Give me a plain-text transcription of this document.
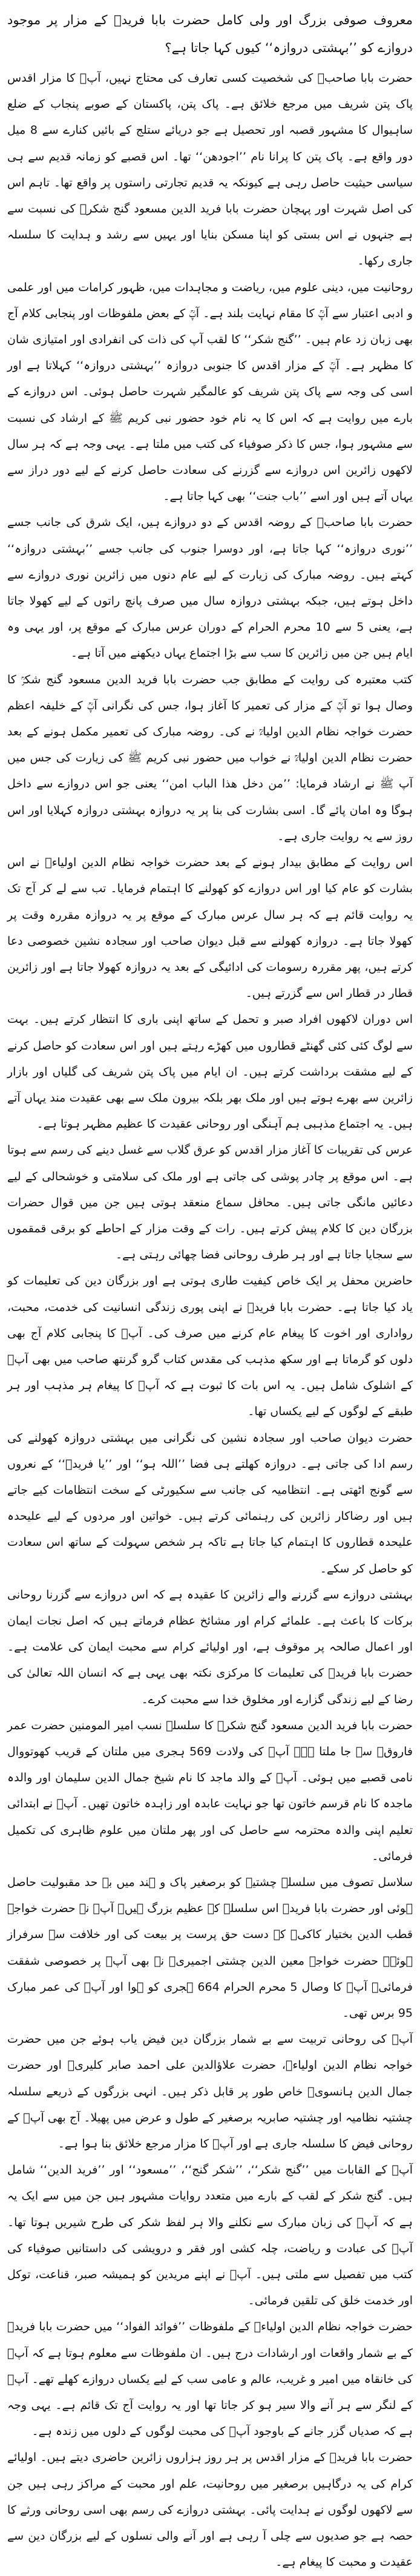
معروف صوفی بزرگ اور ولی کامل حضرت بابا فریدؒ کے مزار پر موجود دروازے کو ’’بہشتی دروازہ‘‘ کیوں کہا جاتا ہے؟

حضرت بابا صاحبؒ کی شخصیت کسی تعارف کی محتاج نہیں، آپؒ کا مزار اقدس پاک پتن شریف میں مرجع خلائق ہے۔ پاک پتن، پاکستان کے صوبے پنجاب کے ضلع ساہیوال کا مشہور قصبہ اور تحصیل ہے جو دریائے ستلج کے بائیں کنارے سے 8 میل دور واقع ہے۔ پاک پتن کا پرانا نام ’’اجودھن‘‘ تھا۔ اس قصبے کو زمانہ قدیم سے ہی سیاسی حیثیت حاصل رہی ہے کیونکہ یہ قدیم تجارتی راستوں پر واقع تھا۔ تاہم اس کی اصل شہرت اور پہچان حضرت بابا فرید الدین مسعود گنج شکرؒ کی نسبت سے ہے جنہوں نے اس بستی کو اپنا مسکن بنایا اور یہیں سے رشد و ہدایت کا سلسلہ جاری رکھا۔

روحانیت میں، دینی علوم میں، ریاضت و مجاہدات میں، ظہور کرامات میں اور علمی و ادبی اعتبار سے آپؒ کا مقام نہایت بلند ہے۔ آپؒ کے بعض ملفوظات اور پنجابی کلام آج بھی زبان زد عام ہیں۔ ’’گنج شکر‘‘ کا لقب آپ کی ذات کی انفرادی اور امتیازی شان کا مظہر ہے۔ آپؒ کے مزار اقدس کا جنوبی دروازہ ’’بہشتی دروازہ‘‘ کہلاتا ہے اور اسی کی وجہ سے پاک پتن شریف کو عالمگیر شہرت حاصل ہوئی۔ اس دروازے کے بارے میں روایت ہے کہ اس کا یہ نام خود حضور نبی کریم ﷺ کے ارشاد کی نسبت سے مشہور ہوا، جس کا ذکر صوفیاء کی کتب میں ملتا ہے۔ یہی وجہ ہے کہ ہر سال لاکھوں زائرین اس دروازے سے گزرنے کی سعادت حاصل کرنے کے لیے دور دراز سے یہاں آتے ہیں اور اسے ’’باب جنت‘‘ بھی کہا جاتا ہے۔

حضرت بابا صاحبؒ کے روضہ اقدس کے دو دروازے ہیں، ایک شرق کی جانب جسے ’’نوری دروازہ‘‘ کہا جاتا ہے، اور دوسرا جنوب کی جانب جسے ’’بہشتی دروازہ‘‘ کہتے ہیں۔ روضہ مبارک کی زیارت کے لیے عام دنوں میں زائرین نوری دروازے سے داخل ہوتے ہیں، جبکہ بہشتی دروازہ سال میں صرف پانچ راتوں کے لیے کھولا جاتا ہے، یعنی 5 سے 10 محرم الحرام کے دوران عرس مبارک کے موقع پر، اور یہی وہ ایام ہیں جن میں زائرین کا سب سے بڑا اجتماع یہاں دیکھنے میں آتا ہے۔

کتب معتبرہ کی روایت کے مطابق جب حضرت بابا فرید الدین مسعود گنج شکرؒ کا وصال ہوا تو آپؒ کے مزار کی تعمیر کا آغاز ہوا، جس کی نگرانی آپؒ کے خلیفہ اعظم حضرت خواجہ نظام الدین اولیاءؒ نے کی۔ روضہ مبارک کی تعمیر مکمل ہونے کے بعد حضرت نظام الدین اولیاءؒ نے خواب میں حضور نبی کریم ﷺ کی زیارت کی جس میں آپ ﷺ نے ارشاد فرمایا: ’’من دخل هذا الباب امن‘‘ یعنی جو اس دروازے سے داخل ہوگا وہ امان پائے گا۔ اسی بشارت کی بنا پر یہ دروازہ بہشتی دروازہ کہلایا اور اس روز سے یہ روایت جاری ہے۔

اس روایت کے مطابق بیدار ہونے کے بعد حضرت خواجہ نظام الدین اولیاءؒ نے اس بشارت کو عام کیا اور اس دروازے کو کھولنے کا اہتمام فرمایا۔ تب سے لے کر آج تک یہ روایت قائم ہے کہ ہر سال عرس مبارک کے موقع پر یہ دروازہ مقررہ وقت پر کھولا جاتا ہے۔ دروازہ کھولنے سے قبل دیوان صاحب اور سجادہ نشین خصوصی دعا کرتے ہیں، پھر مقررہ رسومات کی ادائیگی کے بعد یہ دروازہ کھولا جاتا ہے اور زائرین قطار در قطار اس سے گزرتے ہیں۔

اس دوران لاکھوں افراد صبر و تحمل کے ساتھ اپنی باری کا انتظار کرتے ہیں۔ بہت سے لوگ کئی کئی گھنٹے قطاروں میں کھڑے رہتے ہیں اور اس سعادت کو حاصل کرنے کے لیے مشقت برداشت کرتے ہیں۔ ان ایام میں پاک پتن شریف کی گلیاں اور بازار زائرین سے بھرے ہوتے ہیں اور ملک بھر بلکہ بیرون ملک سے بھی عقیدت مند یہاں آتے ہیں۔ یہ اجتماع مذہبی ہم آہنگی اور روحانی عقیدت کا عظیم مظہر ہوتا ہے۔

عرس کی تقریبات کا آغاز مزار اقدس کو عرق گلاب سے غسل دینے کی رسم سے ہوتا ہے۔ اس موقع پر چادر پوشی کی جاتی ہے اور ملک کی سلامتی و خوشحالی کے لیے دعائیں مانگی جاتی ہیں۔ محافل سماع منعقد ہوتی ہیں جن میں قوال حضرات بزرگان دین کا کلام پیش کرتے ہیں۔ رات کے وقت مزار کے احاطے کو برقی قمقموں سے سجایا جاتا ہے اور ہر طرف روحانی فضا چھائی رہتی ہے۔

حاضرین محفل پر ایک خاص کیفیت طاری ہوتی ہے اور بزرگان دین کی تعلیمات کو یاد کیا جاتا ہے۔ حضرت بابا فریدؒ نے اپنی پوری زندگی انسانیت کی خدمت، محبت، رواداری اور اخوت کا پیغام عام کرنے میں صرف کی۔ آپؒ کا پنجابی کلام آج بھی دلوں کو گرماتا ہے اور سکھ مذہب کی مقدس کتاب گرو گرنتھ صاحب میں بھی آپؒ کے اشلوک شامل ہیں۔ یہ اس بات کا ثبوت ہے کہ آپؒ کا پیغام ہر مذہب اور ہر طبقے کے لوگوں کے لیے یکساں تھا۔

حضرت دیوان صاحب اور سجادہ نشین کی نگرانی میں بہشتی دروازہ کھولنے کی رسم ادا کی جاتی ہے۔ دروازہ کھلتے ہی فضا ’’اللہ ہو‘‘ اور ’’یا فریدؒ‘‘ کے نعروں سے گونج اٹھتی ہے۔ انتظامیہ کی جانب سے سکیورٹی کے سخت انتظامات کیے جاتے ہیں اور رضاکار زائرین کی رہنمائی کرتے ہیں۔ خواتین اور مردوں کے لیے علیحدہ علیحدہ قطاروں کا اہتمام کیا جاتا ہے تاکہ ہر شخص سہولت کے ساتھ اس سعادت کو حاصل کر سکے۔

بہشتی دروازے سے گزرنے والے زائرین کا عقیدہ ہے کہ اس دروازے سے گزرنا روحانی برکات کا باعث ہے۔ علمائے کرام اور مشائخ عظام فرماتے ہیں کہ اصل نجات ایمان اور اعمال صالحہ پر موقوف ہے، اور اولیائے کرام سے محبت ایمان کی علامت ہے۔ حضرت بابا فریدؒ کی تعلیمات کا مرکزی نکتہ بھی یہی ہے کہ انسان اللہ تعالیٰ کی رضا کے لیے زندگی گزارے اور مخلوق خدا سے محبت کرے۔

حضرت بابا فرید الدین مسعود گنج شکرؒ کا سلسلہ نسب امیر المومنین حضرت عمر فاروقؓ سے جا ملتا ہے۔ آپؒ کی ولادت 569 ہجری میں ملتان کے قریب کھوتووال نامی قصبے میں ہوئی۔ آپؒ کے والد ماجد کا نام شیخ جمال الدین سلیمان اور والدہ ماجدہ کا نام قرسم خاتون تھا جو نہایت عابدہ اور زاہدہ خاتون تھیں۔ آپؒ نے ابتدائی تعلیم اپنی والدہ محترمہ سے حاصل کی اور پھر ملتان میں علوم ظاہری کی تکمیل فرمائی۔

سلاسل تصوف میں سلسلہ چشتیہ کو برصغیر پاک و ہند میں بے حد مقبولیت حاصل ہوئی اور حضرت بابا فریدؒ اس سلسلے کے عظیم بزرگ ہیں۔ آپؒ نے حضرت خواجہ قطب الدین بختیار کاکیؒ کے دست حق پرست پر بیعت کی اور خلافت سے سرفراز ہوئے۔ حضرت خواجہ معین الدین چشتی اجمیریؒ نے بھی آپؒ پر خصوصی شفقت فرمائی۔ آپؒ کا وصال 5 محرم الحرام 664 ہجری کو ہوا اور آپؒ کی عمر مبارک 95 برس تھی۔

آپؒ کی روحانی تربیت سے بے شمار بزرگان دین فیض یاب ہوئے جن میں حضرت خواجہ نظام الدین اولیاءؒ، حضرت علاؤالدین علی احمد صابر کلیریؒ اور حضرت جمال الدین ہانسویؒ خاص طور پر قابل ذکر ہیں۔ انہی بزرگوں کے ذریعے سلسلہ چشتیہ نظامیہ اور چشتیہ صابریہ برصغیر کے طول و عرض میں پھیلا۔ آج بھی آپؒ کے روحانی فیض کا سلسلہ جاری ہے اور آپؒ کا مزار مرجع خلائق بنا ہوا ہے۔

آپؒ کے القابات میں ’’گنج شکر‘‘، ’’شکر گنج‘‘، ’’مسعود‘‘ اور ’’فرید الدین‘‘ شامل ہیں۔ گنج شکر کے لقب کے بارے میں متعدد روایات مشہور ہیں جن میں سے ایک یہ ہے کہ آپؒ کی زبان مبارک سے نکلنے والا ہر لفظ شکر کی طرح شیریں ہوتا تھا۔ آپؒ کی عبادت و ریاضت، چلہ کشی اور فقر و درویشی کی داستانیں صوفیاء کی کتب میں تفصیل سے ملتی ہیں۔ آپؒ نے اپنے مریدین کو ہمیشہ صبر، قناعت، توکل اور خدمت خلق کی تلقین فرمائی۔

حضرت خواجہ نظام الدین اولیاءؒ کے ملفوظات ’’فوائد الفواد‘‘ میں حضرت بابا فریدؒ کے بے شمار واقعات اور ارشادات درج ہیں۔ ان ملفوظات سے معلوم ہوتا ہے کہ آپؒ کی خانقاہ میں امیر و غریب، عالم و عامی سب کے لیے یکساں دروازے کھلے تھے۔ آپؒ کے لنگر سے ہر آنے والا سیر ہو کر جاتا تھا اور یہ روایت آج تک قائم ہے۔ یہی وجہ ہے کہ صدیاں گزر جانے کے باوجود آپؒ کی محبت لوگوں کے دلوں میں زندہ ہے۔

حضرت بابا فریدؒ کے مزار اقدس پر ہر روز ہزاروں زائرین حاضری دیتے ہیں۔ اولیائے کرام کی یہ درگاہیں برصغیر میں روحانیت، علم اور محبت کے مراکز رہی ہیں جن سے لاکھوں لوگوں نے ہدایت پائی۔ بہشتی دروازے کی رسم بھی اسی روحانی ورثے کا حصہ ہے جو صدیوں سے چلی آ رہی ہے اور آنے والی نسلوں کے لیے بزرگان دین سے عقیدت و محبت کا پیغام ہے۔
